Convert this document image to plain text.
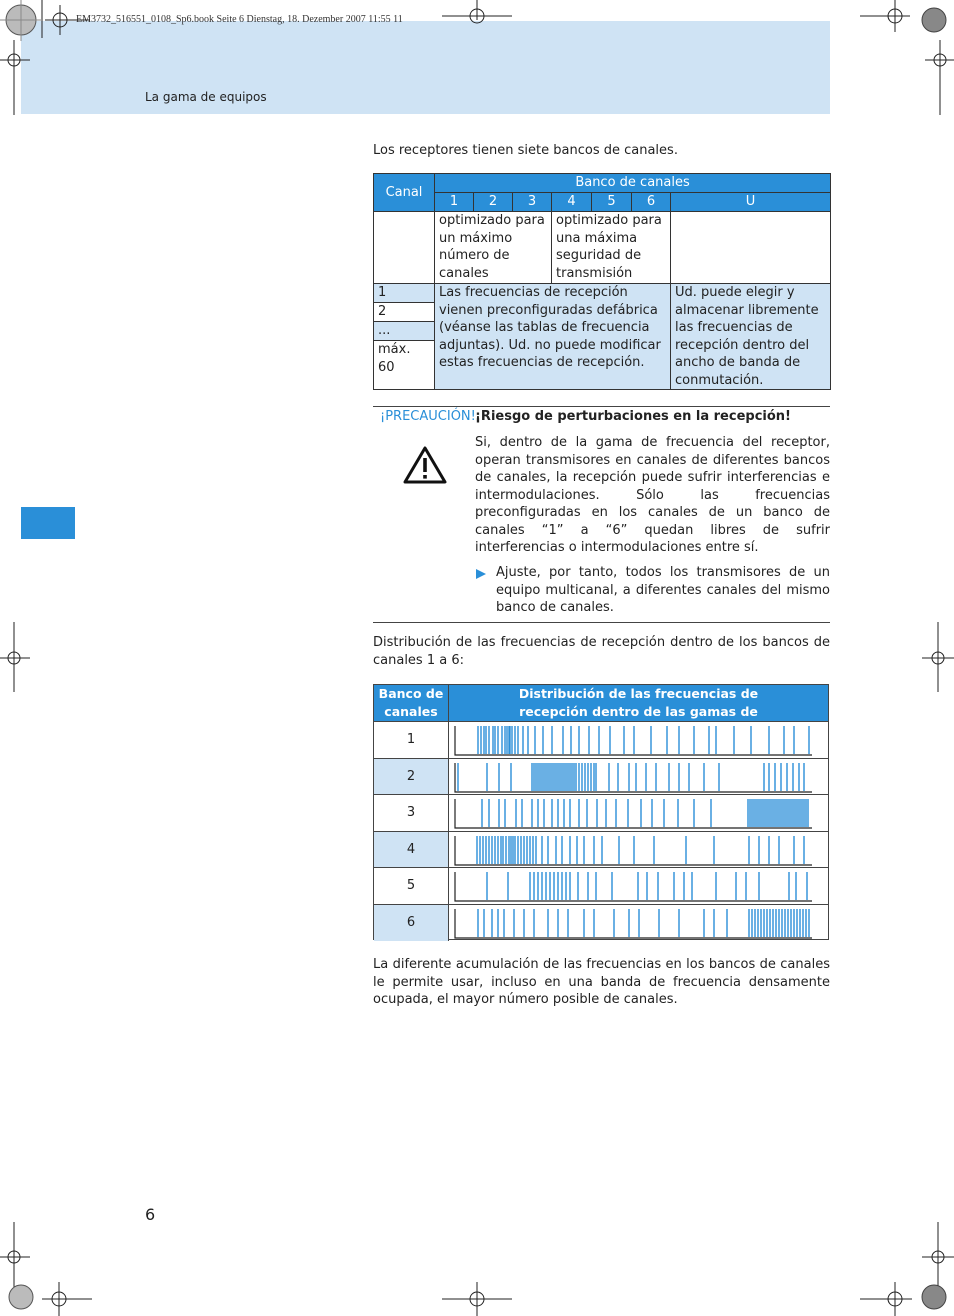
EM3732_516551_0108_Sp6.book Seite 6 Dienstag, 18. Dezember 2007 11:55 11
La gama de equipos

Los receptores tienen siete bancos de canales.

Canal	Banco de canales						
	1	2	3	4	5	6	U
	optimizado para un máximo número de canales			optimizado para una máxima seguridad de transmisión			
1	Las frecuencias de recepción vienen preconfiguradas defábrica (véanse las tablas de frecuencia adjuntas). Ud. no puede modificar estas frecuencias de recepción.						Ud. puede elegir y almacenar libremente las frecuencias de recepción dentro del ancho de banda de conmutación.
2							
...							
máx. 60							
¡PRECAUCIÓN! ¡Riesgo de perturbaciones en la recepción!

Si, dentro de la gama de frecuencia del receptor, operan transmisores en canales de diferentes bancos de canales, la recepción puede sufrir interferencias e intermodulaciones. Sólo las frecuencias preconfiguradas en los canales de un banco de canales “1” a “6” quedan libres de sufrir interferencias o intermodulaciones entre sí.

Ajuste, por tanto, todos los transmisores de un equipo multicanal, a diferentes canales del mismo banco de canales.

Distribución de las frecuencias de recepción dentro de los bancos de canales 1 a 6:

Banco de canales
Distribución de las frecuencias de recepción dentro de las gamas de frecuencia
1
2
3
4
5
6

La diferente acumulación de las frecuencias en los bancos de canales le permite usar, incluso en una banda de frecuencia densamente ocupada, el mayor número posible de canales.

6
